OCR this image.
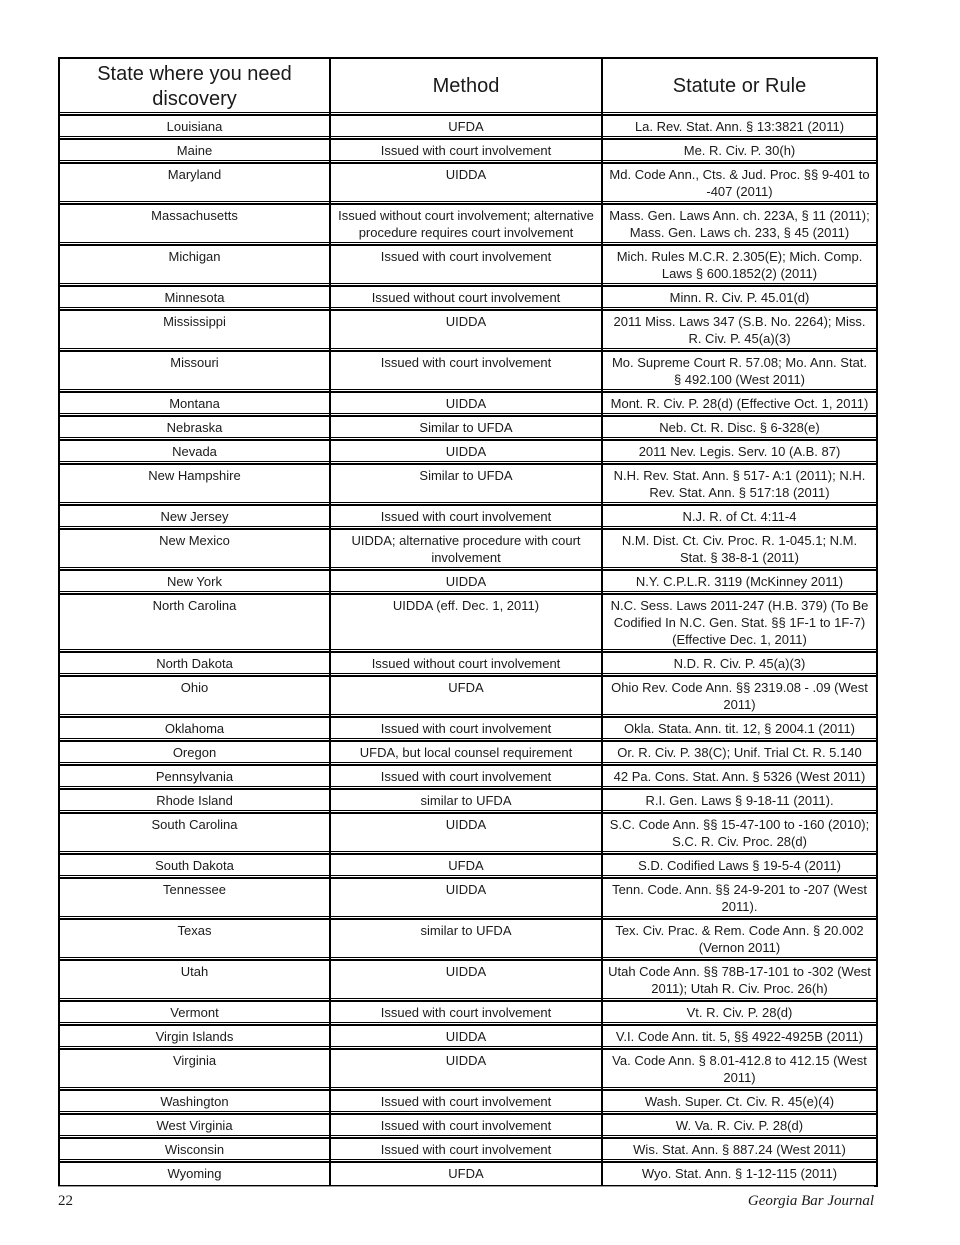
State where you need discovery	Method	Statute or Rule
Louisiana	UFDA	La. Rev. Stat. Ann. § 13:3821 (2011)
Maine	Issued with court involvement	Me. R. Civ. P. 30(h)
Maryland	UIDDA	Md. Code Ann., Cts. & Jud. Proc. §§ 9-401 to -407 (2011)
Massachusetts	Issued without court involvement; alternative procedure requires court involvement	Mass. Gen. Laws Ann. ch. 223A, § 11 (2011); Mass. Gen. Laws ch. 233, § 45 (2011)
Michigan	Issued with court involvement	Mich. Rules M.C.R. 2.305(E); Mich. Comp. Laws § 600.1852(2) (2011)
Minnesota	Issued without court involvement	Minn. R. Civ. P. 45.01(d)
Mississippi	UIDDA	2011 Miss. Laws 347 (S.B. No. 2264); Miss. R. Civ. P. 45(a)(3)
Missouri	Issued with court involvement	Mo. Supreme Court R. 57.08; Mo. Ann. Stat. § 492.100 (West 2011)
Montana	UIDDA	Mont. R. Civ. P. 28(d) (Effective Oct. 1, 2011)
Nebraska	Similar to UFDA	Neb. Ct. R. Disc. § 6-328(e)
Nevada	UIDDA	2011 Nev. Legis. Serv. 10 (A.B. 87)
New Hampshire	Similar to UFDA	N.H. Rev. Stat. Ann. § 517- A:1 (2011); N.H. Rev. Stat. Ann. § 517:18 (2011)
New Jersey	Issued with court involvement	N.J. R. of Ct. 4:11-4
New Mexico	UIDDA; alternative procedure with court involvement	N.M. Dist. Ct. Civ. Proc. R. 1-045.1; N.M. Stat. § 38-8-1 (2011)
New York	UIDDA	N.Y. C.P.L.R. 3119 (McKinney 2011)
North Carolina	UIDDA (eff. Dec. 1, 2011)	N.C. Sess. Laws 2011-247 (H.B. 379) (To Be Codified In N.C. Gen. Stat. §§ 1F-1 to 1F-7) (Effective Dec. 1, 2011)
North Dakota	Issued without court involvement	N.D. R. Civ. P. 45(a)(3)
Ohio	UFDA	Ohio Rev. Code Ann. §§ 2319.08 - .09 (West 2011)
Oklahoma	Issued with court involvement	Okla. Stata. Ann. tit. 12, § 2004.1 (2011)
Oregon	UFDA, but local counsel requirement	Or. R. Civ. P. 38(C); Unif. Trial Ct. R. 5.140
Pennsylvania	Issued with court involvement	42 Pa. Cons. Stat. Ann. § 5326 (West 2011)
Rhode Island	similar to UFDA	R.I. Gen. Laws § 9-18-11 (2011).
South Carolina	UIDDA	S.C. Code Ann. §§ 15-47-100 to -160 (2010); S.C. R. Civ. Proc. 28(d)
South Dakota	UFDA	S.D. Codified Laws § 19-5-4 (2011)
Tennessee	UIDDA	Tenn. Code. Ann. §§ 24-9-201 to -207 (West 2011).
Texas	similar to UFDA	Tex. Civ. Prac. & Rem. Code Ann. § 20.002 (Vernon 2011)
Utah	UIDDA	Utah Code Ann. §§ 78B-17-101 to -302 (West 2011); Utah R. Civ. Proc. 26(h)
Vermont	Issued with court involvement	Vt. R. Civ. P. 28(d)
Virgin Islands	UIDDA	V.I. Code Ann. tit. 5, §§ 4922-4925B (2011)
Virginia	UIDDA	Va. Code Ann. § 8.01-412.8 to 412.15 (West 2011)
Washington	Issued with court involvement	Wash. Super. Ct. Civ. R. 45(e)(4)
West Virginia	Issued with court involvement	W. Va. R. Civ. P. 28(d)
Wisconsin	Issued with court involvement	Wis. Stat. Ann. § 887.24 (West 2011)
Wyoming	UFDA	Wyo. Stat. Ann. § 1-12-115 (2011)
22	Georgia Bar Journal
